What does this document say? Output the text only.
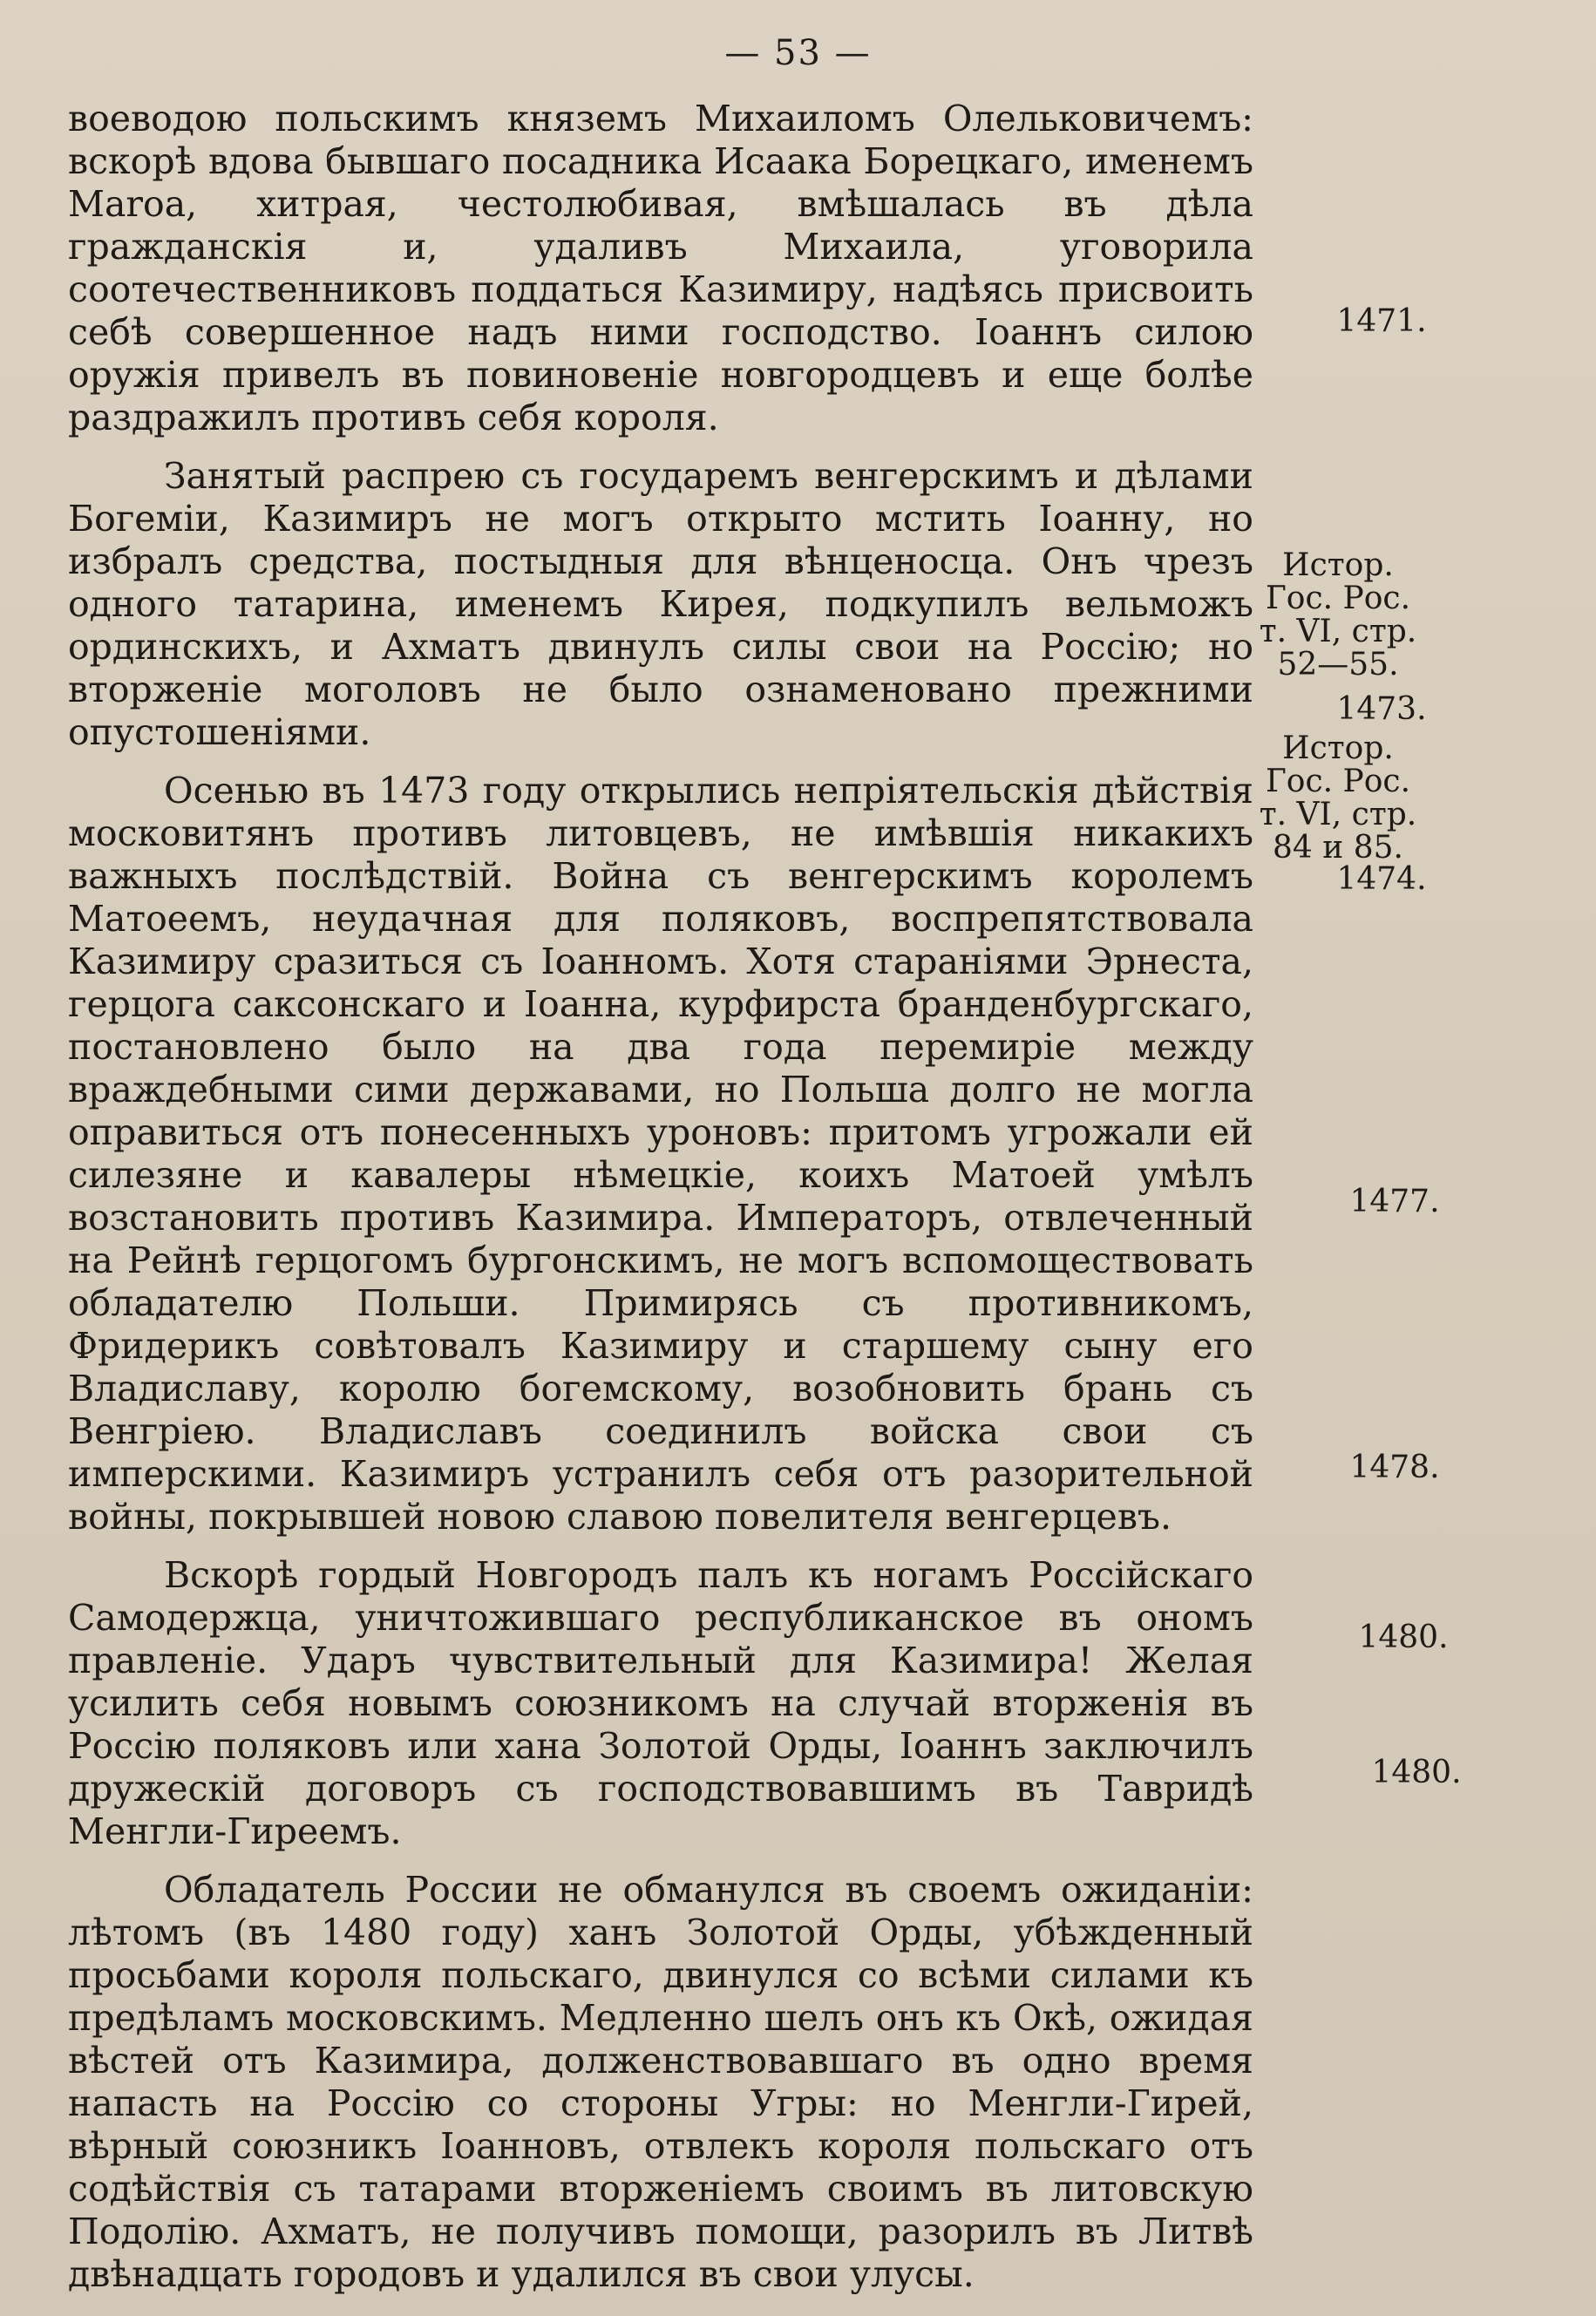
— 53 —

воеводою польскимъ княземъ Михаиломъ Олельковичемъ: вскорѣ вдова бывшаго посадника Исаака Борецкаго, именемъ Маrоа, хитрая, честолюбивая, вмѣшалась въ дѣла гражданскія и, удаливъ Михаила, уговорила соотечественниковъ поддаться Казимиру, надѣясь присвоить себѣ совершенное надъ ними господство. Іоаннъ силою оружія привелъ въ повиновеніе новгородцевъ и еще болѣе раздражилъ противъ себя короля.

Занятый распрею съ государемъ венгерскимъ и дѣлами Богеміи, Казимиръ не могъ открыто мстить Іоанну, но избралъ средства, постыдныя для вѣнценосца. Онъ чрезъ одного татарина, именемъ Кирея, подкупилъ вельможъ ординскихъ, и Ахматъ двинулъ силы свои на Россію; но вторженіе моголовъ не было ознаменовано прежними опустошеніями.

Осенью въ 1473 году открылись непріятельскія дѣйствія московитянъ противъ литовцевъ, не имѣвшія никакихъ важныхъ послѣдствій. Война съ венгерскимъ королемъ Матоеемъ, неудачная для поляковъ, воспрепятствовала Казимиру сразиться съ Іоанномъ. Хотя стараніями Эрнеста, герцога саксонскаго и Іоанна, курфирста бранденбургскаго, постановлено было на два года перемиріе между враждебными сими державами, но Польша долго не могла оправиться отъ понесенныхъ уроновъ: притомъ угрожали ей силезяне и кавалеры нѣмецкіе, коихъ Матоей умѣлъ возстановить противъ Казимира. Императоръ, отвлеченный на Рейнѣ герцогомъ бургонскимъ, не могъ вспомоществовать обладателю Польши. Примирясь съ противникомъ, Фридерикъ совѣтовалъ Казимиру и старшему сыну его Владиславу, королю богемскому, возобновить брань съ Венгріею. Владиславъ соединилъ войска свои съ имперскими. Казимиръ устранилъ себя отъ разорительной войны, покрывшей новою славою повелителя венгерцевъ.

Вскорѣ гордый Новгородъ палъ къ ногамъ Россійскаго Самодержца, уничтожившаго республиканское въ ономъ правленіе. Ударъ чувствительный для Казимира! Желая усилить себя новымъ союзникомъ на случай вторженія въ Россію поляковъ или хана Золотой Орды, Іоаннъ заключилъ дружескій договоръ съ господствовавшимъ въ Тавридѣ Менгли-Гиреемъ.

Обладатель России не обманулся въ своемъ ожиданіи: лѣтомъ (въ 1480 году) ханъ Золотой Орды, убѣжденный просьбами короля польскаго, двинулся со всѣми силами къ предѣламъ московскимъ. Медленно шелъ онъ къ Окѣ, ожидая вѣстей отъ Казимира, долженствовавшаго въ одно время напасть на Россію со стороны Угры: но Менгли-Гирей, вѣрный союзникъ Іоанновъ, отвлекъ короля польскаго отъ содѣйствія съ татарами вторженіемъ своимъ въ литовскую Подолію. Ахматъ, не получивъ помощи, разорилъ въ Литвѣ двѣнадцать городовъ и удалился въ свои улусы.

1471.
Истор. Гос. Рос. т. VI, стр. 52—55.
1473.
Истор. Гос. Рос. т. VI, стр. 84 и 85.
1474.
1477.
1478.
1480.
1480.
